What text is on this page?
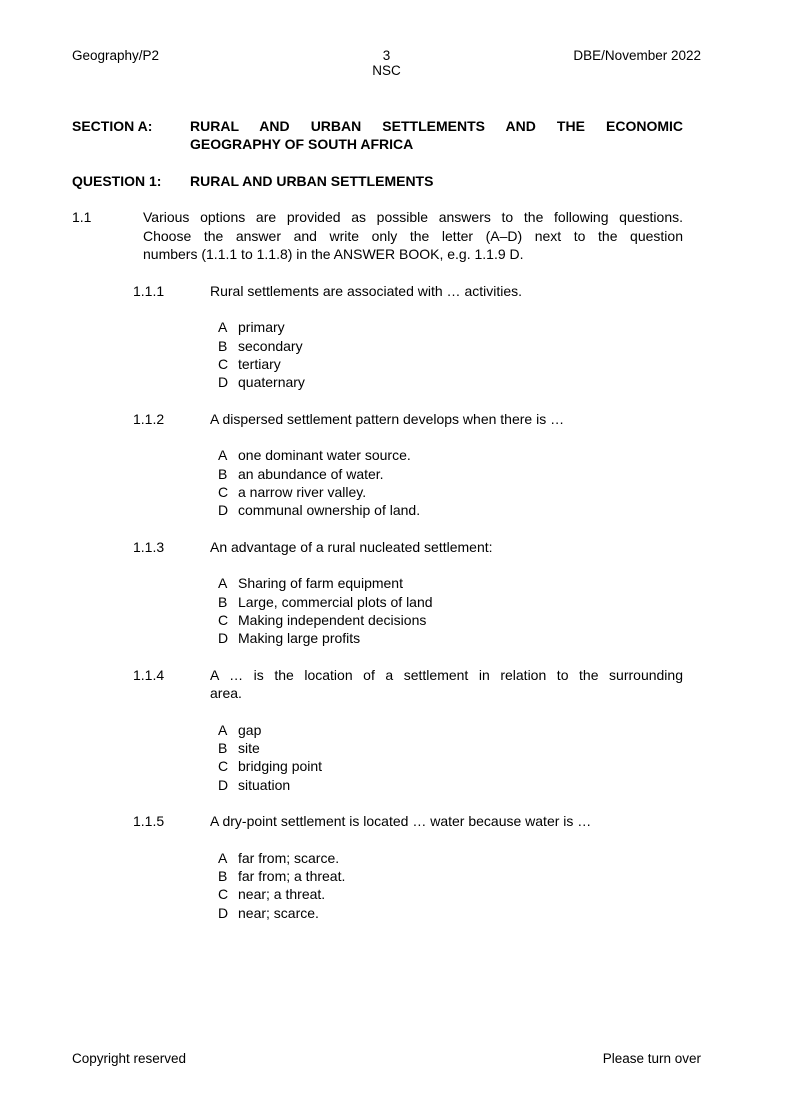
Geography/P2	3
NSC
DBE/November 2022
SECTION A:	RURAL AND URBAN SETTLEMENTS AND THE ECONOMIC
GEOGRAPHY OF SOUTH AFRICA
QUESTION 1:	RURAL AND URBAN SETTLEMENTS
1.1	Various options are provided as possible answers to the following questions.
Choose the answer and write only the letter (A–D) next to the question
numbers (1.1.1 to 1.1.8) in the ANSWER BOOK, e.g. 1.1.9 D.
1.1.1	Rural settlements are associated with … activities.
A primary
B secondary
C tertiary
D quaternary
1.1.2	A dispersed settlement pattern develops when there is …
A one dominant water source.
B an abundance of water.
C a narrow river valley.
D communal ownership of land.
1.1.3	An advantage of a rural nucleated settlement:
A Sharing of farm equipment
B Large, commercial plots of land
C Making independent decisions
D Making large profits
1.1.4	A … is the location of a settlement in relation to the surrounding
area.
A gap
B site
C bridging point
D situation
1.1.5	A dry-point settlement is located … water because water is …
A far from; scarce.
B far from; a threat.
C near; a threat.
D near; scarce.
Copyright reserved	Please turn over
